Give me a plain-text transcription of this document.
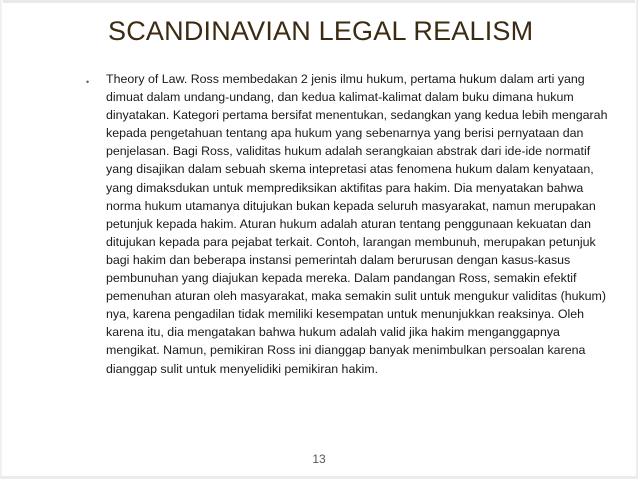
SCANDINAVIAN LEGAL REALISM
• Theory of Law. Ross membedakan 2 jenis ilmu hukum, pertama hukum dalam arti yang dimuat dalam undang-undang, dan kedua kalimat-kalimat dalam buku dimana hukum dinyatakan. Kategori pertama bersifat menentukan, sedangkan yang kedua lebih mengarah kepada pengetahuan tentang apa hukum yang sebenarnya yang berisi pernyataan dan penjelasan. Bagi Ross, validitas hukum adalah serangkaian abstrak dari ide-ide normatif yang disajikan dalam sebuah skema intepretasi atas fenomena hukum dalam kenyataan, yang dimaksdukan untuk memprediksikan aktifitas para hakim. Dia menyatakan bahwa norma hukum utamanya ditujukan bukan kepada seluruh masyarakat, namun merupakan petunjuk kepada hakim. Aturan hukum adalah aturan tentang penggunaan kekuatan dan ditujukan kepada para pejabat terkait. Contoh, larangan membunuh, merupakan petunjuk bagi hakim dan beberapa instansi pemerintah dalam berurusan dengan kasus-kasus pembunuhan yang diajukan kepada mereka. Dalam pandangan Ross, semakin efektif pemenuhan aturan oleh masyarakat, maka semakin sulit untuk mengukur validitas (hukum) nya, karena pengadilan tidak memiliki kesempatan untuk menunjukkan reaksinya. Oleh karena itu, dia mengatakan bahwa hukum adalah valid jika hakim menganggapnya mengikat. Namun, pemikiran Ross ini dianggap banyak menimbulkan persoalan karena dianggap sulit untuk menyelidiki pemikiran hakim.
13
